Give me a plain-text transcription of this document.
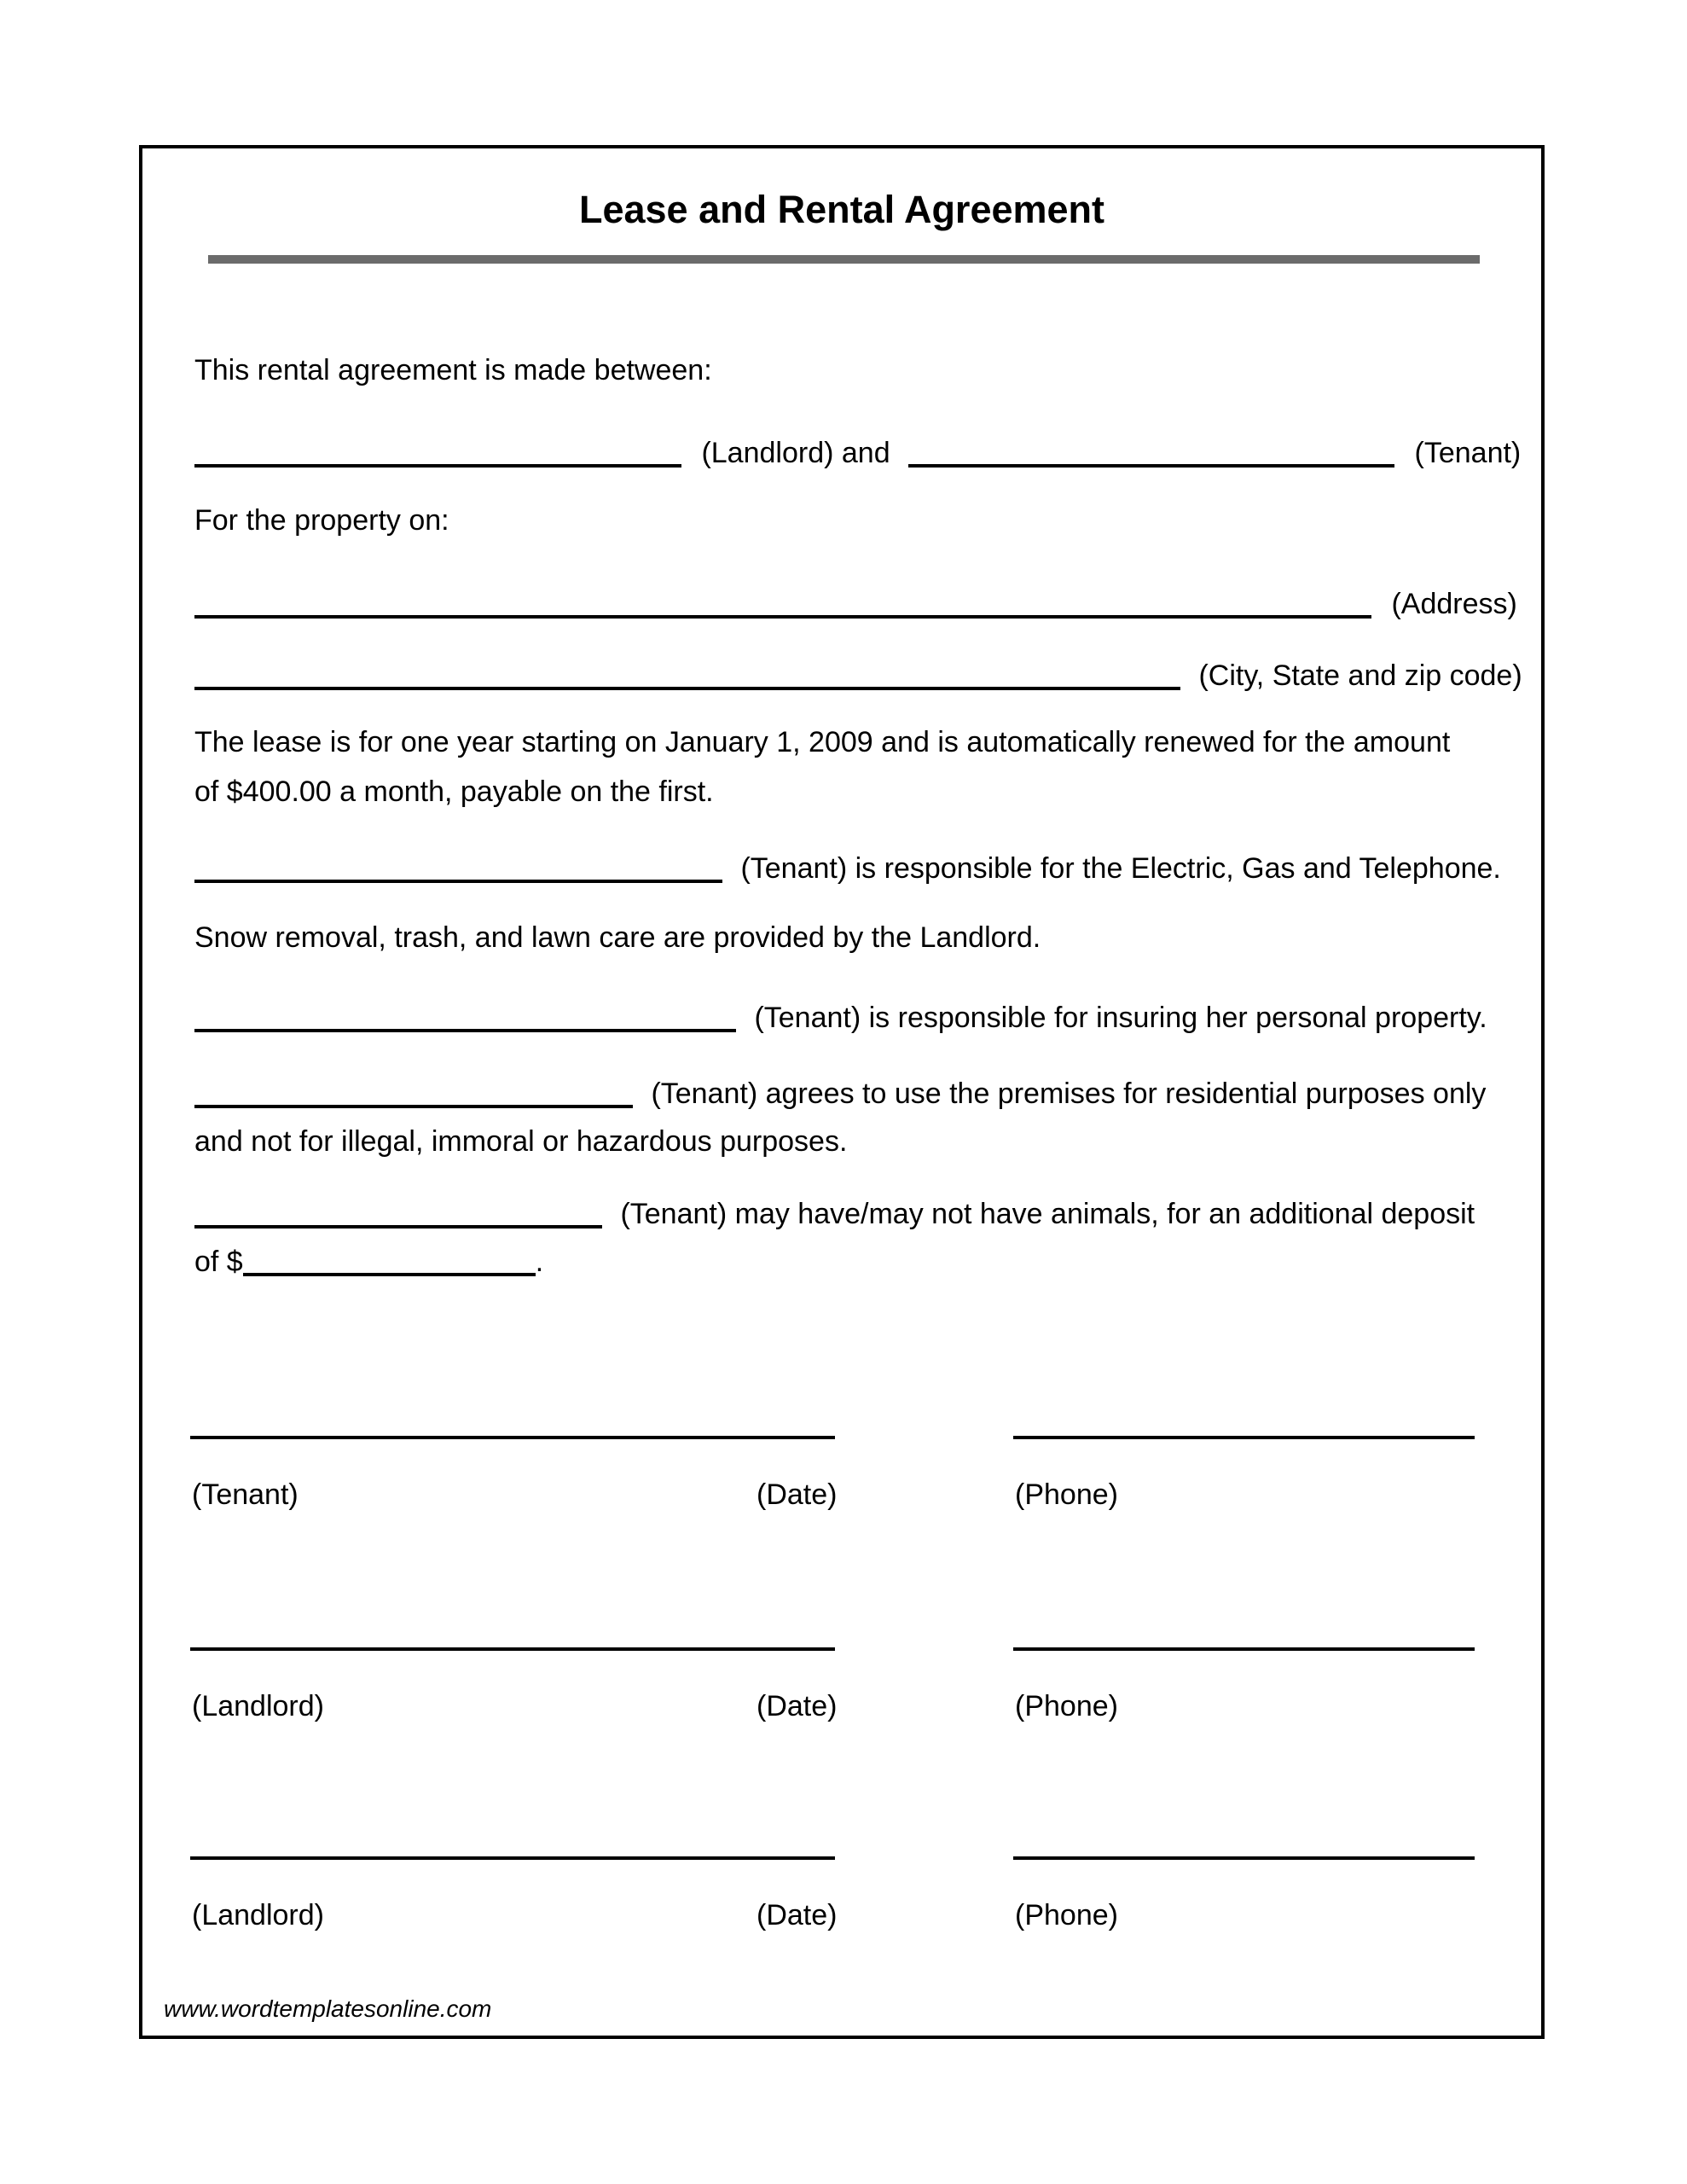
Lease and Rental Agreement
This rental agreement is made between:
(Landlord) and	(Tenant)
For the property on:
(Address)
(City, State and zip code)
The lease is for one year starting on January 1, 2009 and is automatically renewed for the amount
of $400.00 a month, payable on the first.
(Tenant) is responsible for the Electric, Gas and Telephone.
Snow removal, trash, and lawn care are provided by the Landlord.
(Tenant) is responsible for insuring her personal property.
(Tenant) agrees to use the premises for residential purposes only
and not for illegal, immoral or hazardous purposes.
(Tenant) may have/may not have animals, for an additional deposit
of $	.
(Tenant)	(Date)	(Phone)
(Landlord)	(Date)	(Phone)
(Landlord)	(Date)	(Phone)
www.wordtemplatesonline.com
